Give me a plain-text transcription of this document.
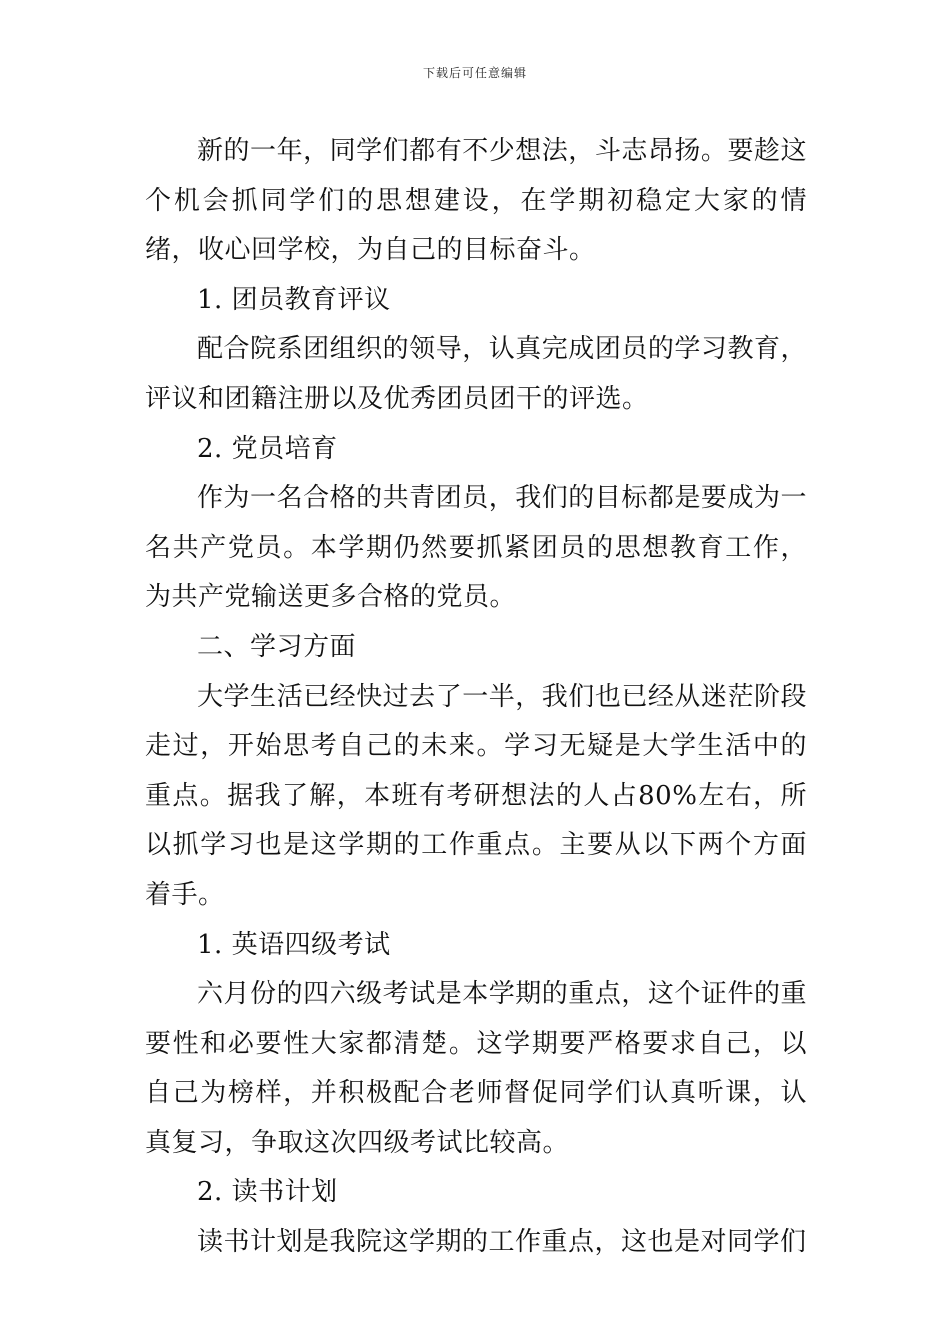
下载后可任意编辑

新的一年，同学们都有不少想法，斗志昂扬。要趁这个机会抓同学们的思想建设，在学期初稳定大家的情绪，收心回学校，为自己的目标奋斗。

1. 团员教育评议

配合院系团组织的领导，认真完成团员的学习教育，评议和团籍注册以及优秀团员团干的评选。

2. 党员培育

作为一名合格的共青团员，我们的目标都是要成为一名共产党员。本学期仍然要抓紧团员的思想教育工作，为共产党输送更多合格的党员。

二、学习方面

大学生活已经快过去了一半，我们也已经从迷茫阶段走过，开始思考自己的未来。学习无疑是大学生活中的重点。据我了解，本班有考研想法的人占80%左右，所以抓学习也是这学期的工作重点。主要从以下两个方面着手。

1. 英语四级考试

六月份的四六级考试是本学期的重点，这个证件的重要性和必要性大家都清楚。这学期要严格要求自己，以自己为榜样，并积极配合老师督促同学们认真听课，认真复习，争取这次四级考试比较高。

2. 读书计划

读书计划是我院这学期的工作重点，这也是对同学们
